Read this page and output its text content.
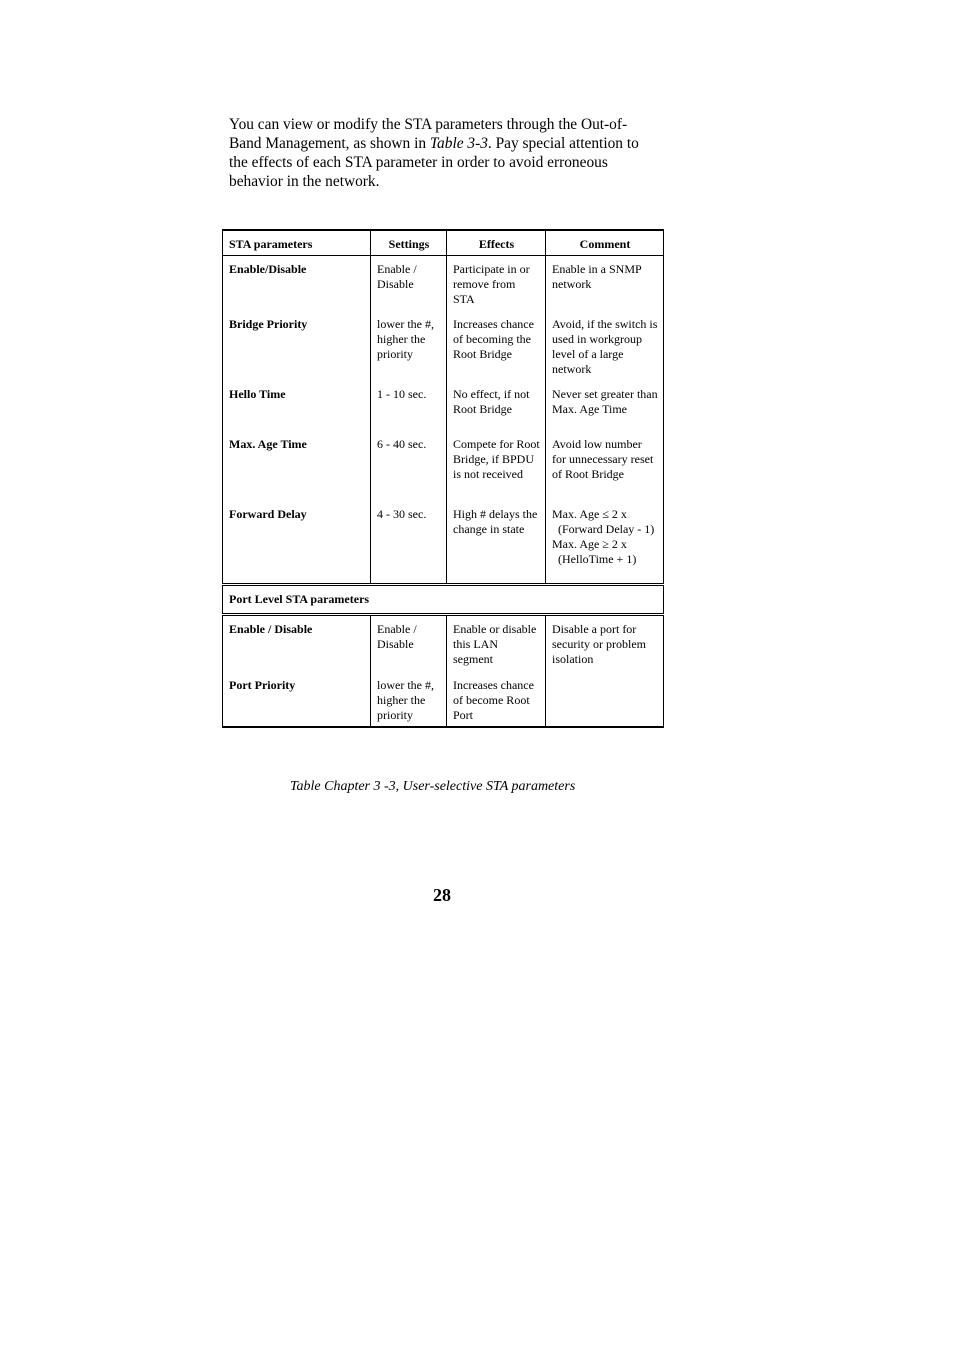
You can view or modify the STA parameters through the Out-of-Band Management, as shown in Table 3-3. Pay special attention to the effects of each STA parameter in order to avoid erroneous behavior in the network.

STA parameters	Settings	Effects	Comment
Enable/Disable	Enable / Disable	Participate in or remove from STA	Enable in a SNMP network
Bridge Priority	lower the #, higher the priority	Increases chance of becoming the Root Bridge	Avoid, if the switch is used in workgroup level of a large network
Hello Time	1 - 10 sec.	No effect, if not Root Bridge	Never set greater than Max. Age Time
Max. Age Time	6 - 40 sec.	Compete for Root Bridge, if BPDU is not received	Avoid low number for unnecessary reset of Root Bridge
Forward Delay	4 - 30 sec.	High # delays the change in state	Max. Age ≤ 2 x
(Forward Delay - 1)
Max. Age ≥ 2 x
(HelloTime + 1)

Port Level STA parameters			
Enable / Disable	Enable / Disable	Enable or disable this LAN segment	Disable a port for security or problem isolation
Port Priority	lower the #, higher the priority	Increases chance of become Root Port	

Table Chapter 3 -3, User-selective STA parameters

28
